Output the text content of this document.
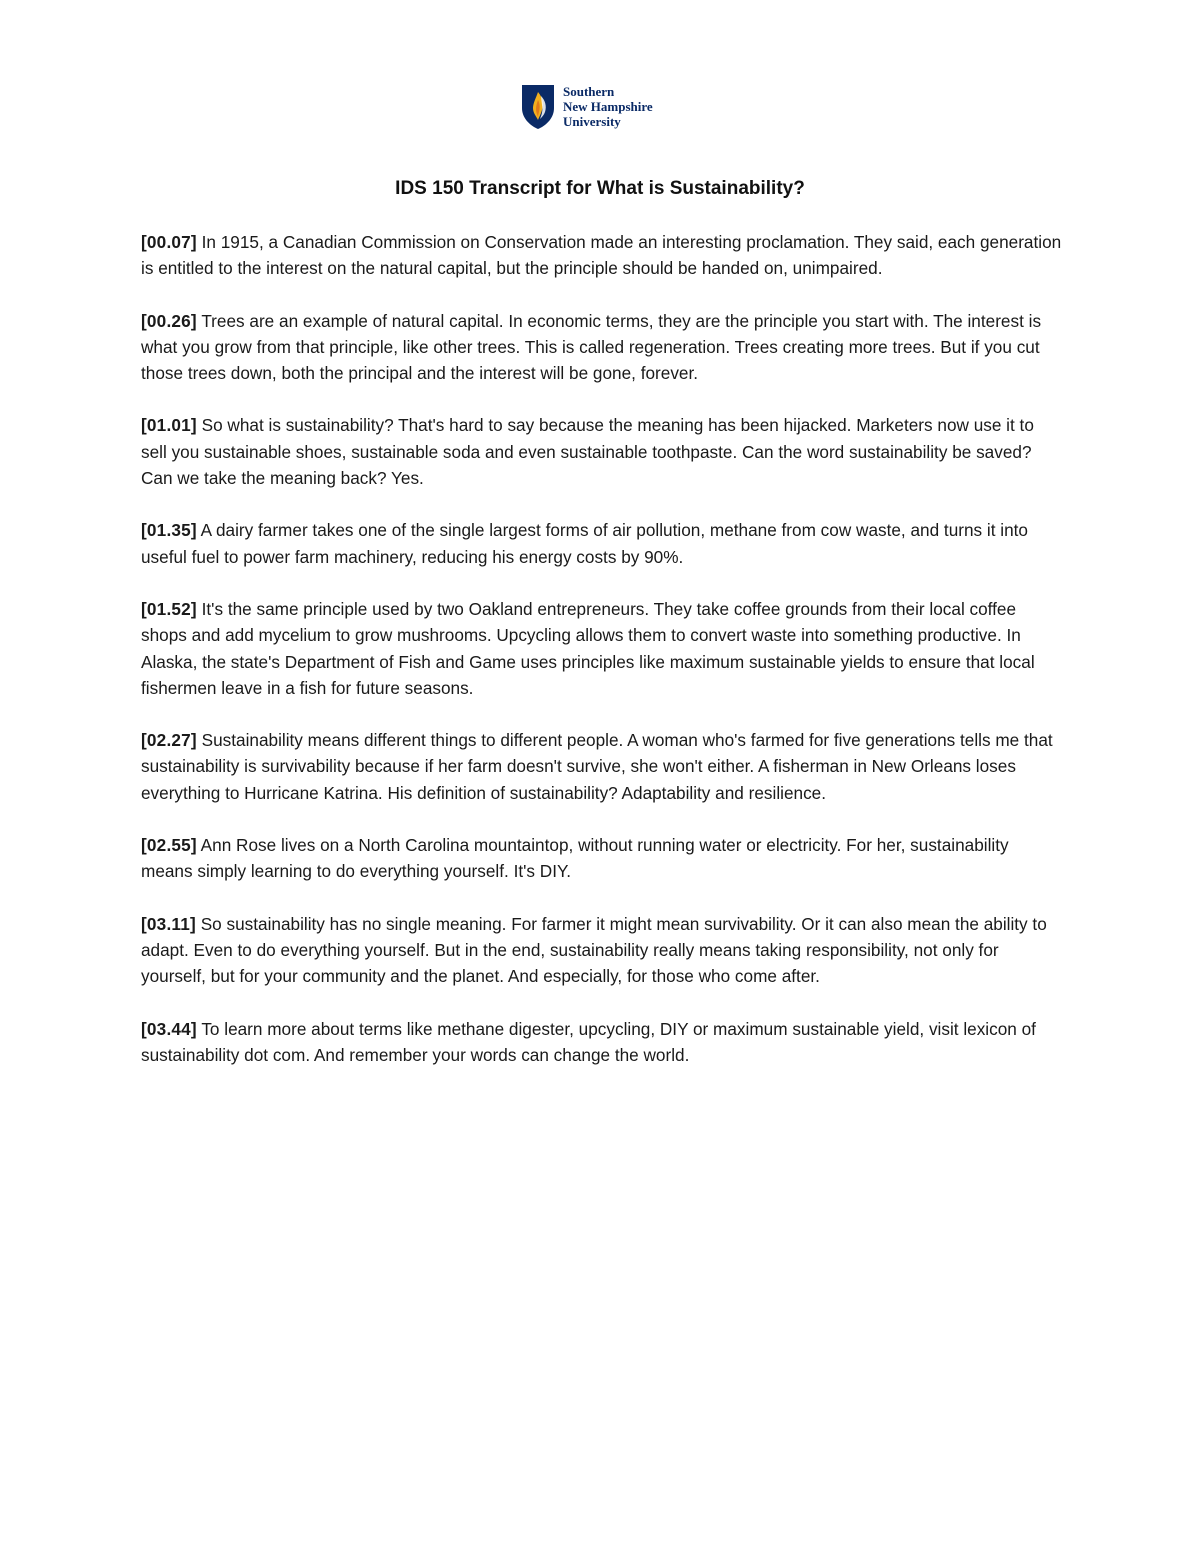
Southern
New Hampshire
University
IDS 150 Transcript for What is Sustainability?

[00.07] In 1915, a Canadian Commission on Conservation made an interesting proclamation. They said, each generation is entitled to the interest on the natural capital, but the principle should be handed on, unimpaired.

[00.26] Trees are an example of natural capital. In economic terms, they are the principle you start with. The interest is what you grow from that principle, like other trees. This is called regeneration. Trees creating more trees. But if you cut those trees down, both the principal and the interest will be gone, forever.

[01.01] So what is sustainability? That's hard to say because the meaning has been hijacked. Marketers now use it to sell you sustainable shoes, sustainable soda and even sustainable toothpaste. Can the word sustainability be saved? Can we take the meaning back? Yes.

[01.35] A dairy farmer takes one of the single largest forms of air pollution, methane from cow waste, and turns it into useful fuel to power farm machinery, reducing his energy costs by 90%.

[01.52] It's the same principle used by two Oakland entrepreneurs. They take coffee grounds from their local coffee shops and add mycelium to grow mushrooms. Upcycling allows them to convert waste into something productive. In Alaska, the state's Department of Fish and Game uses principles like maximum sustainable yields to ensure that local fishermen leave in a fish for future seasons.

[02.27] Sustainability means different things to different people. A woman who's farmed for five generations tells me that sustainability is survivability because if her farm doesn't survive, she won't either. A fisherman in New Orleans loses everything to Hurricane Katrina. His definition of sustainability? Adaptability and resilience.

[02.55] Ann Rose lives on a North Carolina mountaintop, without running water or electricity. For her, sustainability means simply learning to do everything yourself. It's DIY.

[03.11] So sustainability has no single meaning. For farmer it might mean survivability. Or it can also mean the ability to adapt. Even to do everything yourself. But in the end, sustainability really means taking responsibility, not only for yourself, but for your community and the planet. And especially, for those who come after.

[03.44] To learn more about terms like methane digester, upcycling, DIY or maximum sustainable yield, visit lexicon of sustainability dot com. And remember your words can change the world.
